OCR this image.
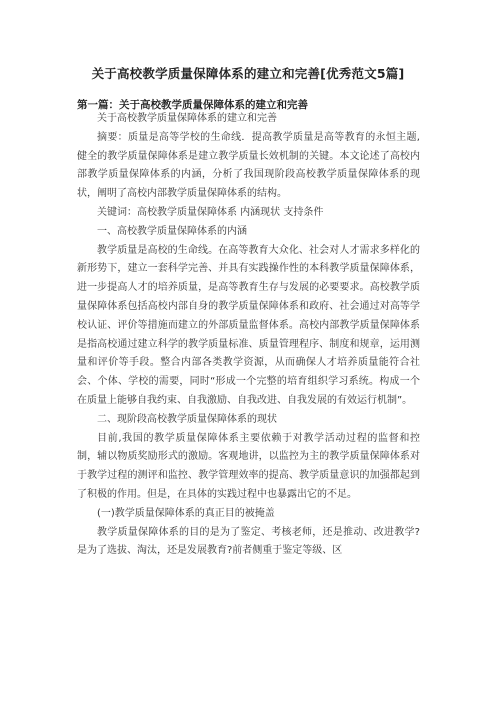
关于高校教学质量保障体系的建立和完善[优秀范文5篇]
第一篇：关于高校教学质量保障体系的建立和完善

关于高校教学质量保障体系的建立和完善

摘要：质量是高等学校的生命线．提高教学质量是高等教育的永恒主题,健全的教学质量保障体系是建立教学质量长效机制的关键。本文论述了高校内部教学质量保障体系的内涵，分析了我国现阶段高校教学质量保障体系的现状，阐明了高校内部教学质量保障体系的结构。

关键词：高校教学质量保障体系 内涵现状 支持条件

一、高校教学质量保障体系的内涵

教学质量是高校的生命线。在高等教育大众化、社会对人才需求多样化的新形势下，建立一套科学完善、并具有实践操作性的本科教学质量保障体系，进一步提高人才的培养质量，是高等教育生存与发展的必要要求。高校教学质量保障体系包括高校内部自身的教学质量保障体系和政府、社会通过对高等学校认证、评价等措施而建立的外部质量监督体系。高校内部教学质量保障体系是指高校通过建立科学的教学质量标准、质量管理程序、制度和规章，运用测量和评价等手段。整合内部各类教学资源，从而确保人才培养质量能符合社会、个体、学校的需要，同时“形成一个完整的培育组织学习系统。构成一个在质量上能够自我约束、自我激励、自我改进、自我发展的有效运行机制”。

二、现阶段高校教学质量保障体系的现状

目前,我国的教学质量保障体系主要依赖于对教学活动过程的监督和控制，辅以物质奖励形式的激励。客观地讲，以监控为主的教学质量保障体系对于教学过程的测评和监控、教学管理效率的提高、教学质量意识的加强都起到了积极的作用。但是，在具体的实践过程中也暴露出它的不足。

(一)教学质量保障体系的真正目的被掩盖

教学质量保障体系的目的是为了鉴定、考核老师，还是推动、改进教学?是为了选拔、淘汰，还是发展教育?前者侧重于鉴定等级、区
